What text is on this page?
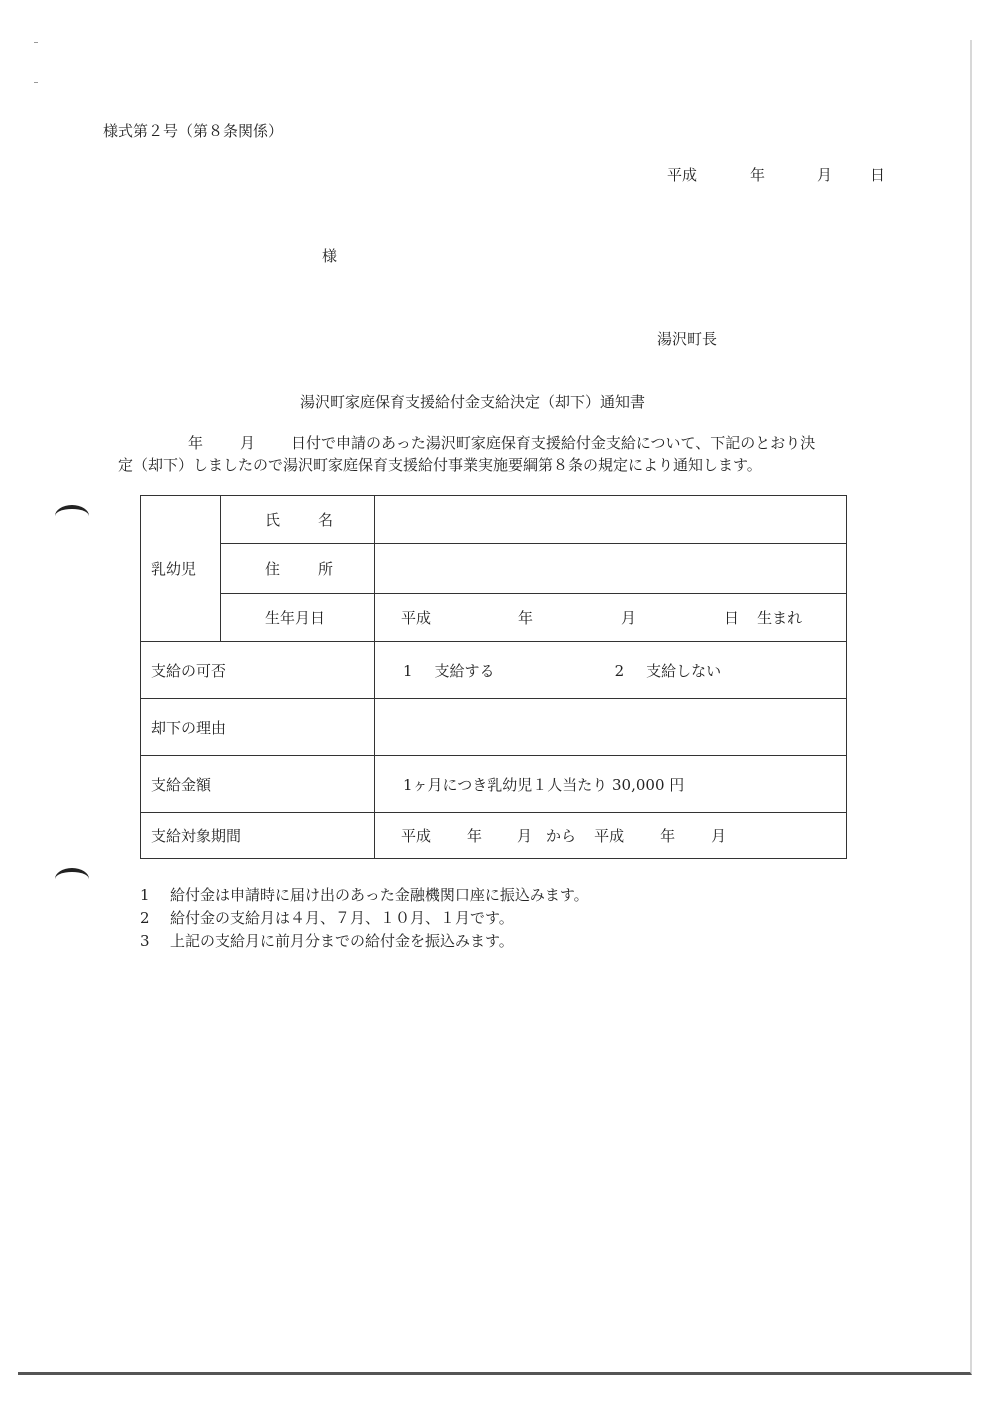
様式第２号（第８条関係）
平成	年	月	日
様
湯沢町長
湯沢町家庭保育支援給付金支給決定（却下）通知書
年 月 日付で申請のあった湯沢町家庭保育支援給付金支給について、下記のとおり決
定（却下）しましたので湯沢町家庭保育支援給付事業実施要綱第８条の規定により通知します。
乳幼児	氏 名	
	住 所	
	生年月日	平成 年 月 日 生まれ
支給の可否		1 支給する 2 支給しない
却下の理由		
支給金額		1ヶ月につき乳幼児１人当たり 30,000 円
支給対象期間		平成 年 月 から 平成 年 月
1 給付金は申請時に届け出のあった金融機関口座に振込みます。
2 給付金の支給月は４月、７月、１０月、１月です。
3 上記の支給月に前月分までの給付金を振込みます。
